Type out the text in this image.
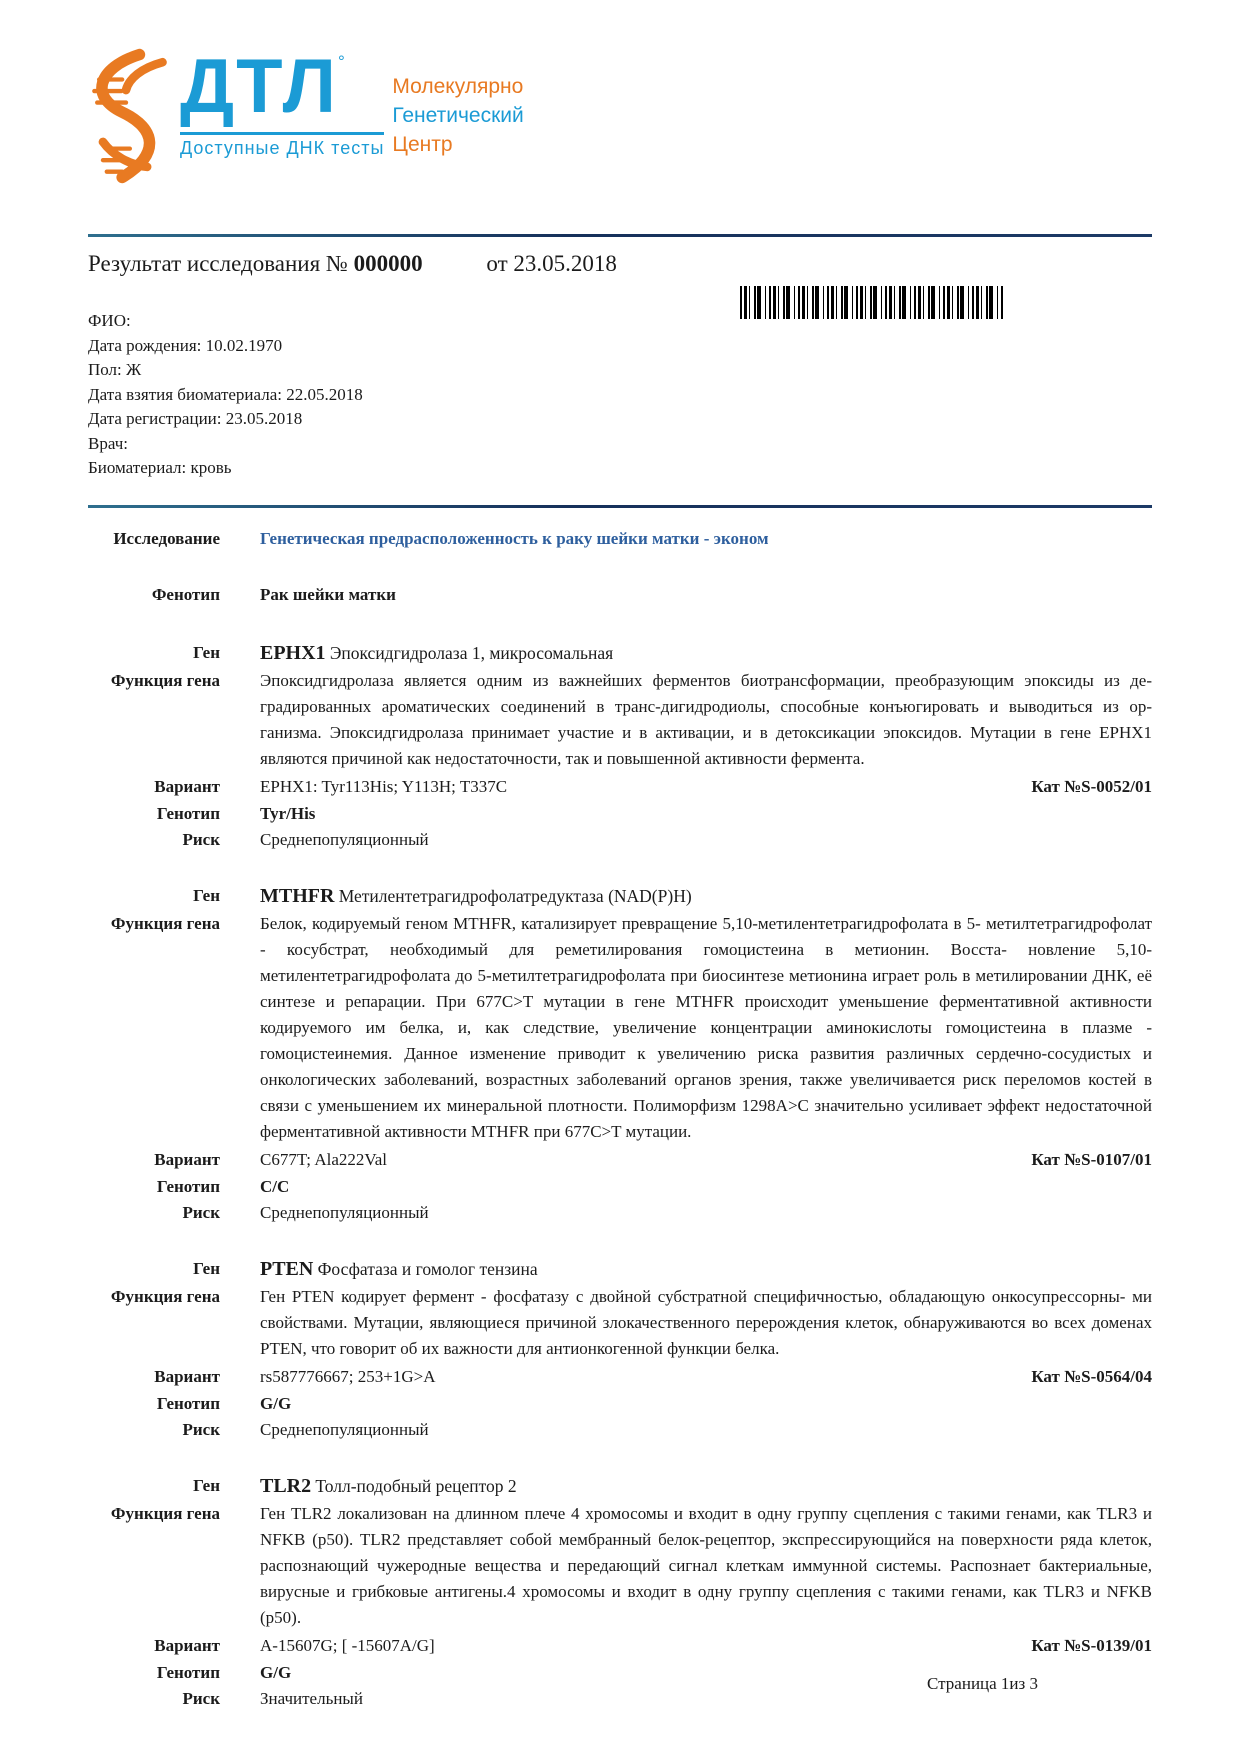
ДТЛ °
Доступные ДНК тесты
Молекулярно
Генетический
Центр
Результат исследования № 000000	от 23.05.2018
ФИО:
Дата рождения: 10.02.1970
Пол: Ж
Дата взятия биоматериала: 22.05.2018
Дата регистрации: 23.05.2018
Врач:
Биоматериал: кровь
Исследование Генетическая предрасположенность к раку шейки матки - эконом
Фенотип Рак шейки матки
Ген EPHX1 Эпоксидгидролаза 1, микросомальная
Функция гена Эпоксидгидролаза является одним из важнейших ферментов биотрансформации, преобразующим эпоксиды из де- градированных ароматических соединений в транс-дигидродиолы, способные конъюгировать и выводиться из ор- ганизма. Эпоксидгидролаза принимает участие и в активации, и в детоксикации эпоксидов. Мутации в гене EPHX1 являются причиной как недостаточности, так и повышенной активности фермента.
Вариант EPHX1: Tyr113His; Y113H; T337C	Кат №S-0052/01
Генотип Tyr/His
Риск Среднепопуляционный
Ген MTHFR Метилентетрагидрофолатредуктаза (NAD(P)H)
Функция гена Белок, кодируемый геном MTHFR, катализирует превращение 5,10-метилентетрагидрофолата в 5- метилтетрагидрофолат - косубстрат, необходимый для реметилирования гомоцистеина в метионин. Восста- новление 5,10-метилентетрагидрофолата до 5-метилтетрагидрофолата при биосинтезе метионина играет роль в метилировании ДНК, её синтезе и репарации. При 677C>T мутации в гене MTHFR происходит уменьшение ферментативной активности кодируемого им белка, и, как следствие, увеличение концентрации аминокислоты гомоцистеина в плазме - гомоцистеинемия. Данное изменение приводит к увеличению риска развития различных сердечно-сосудистых и онкологических заболеваний, возрастных заболеваний органов зрения, также увеличивается риск переломов костей в связи с уменьшением их минеральной плотности. Полиморфизм 1298A>C значительно усиливает эффект недостаточной ферментативной активности MTHFR при 677C>T мутации.
Вариант C677T; Ala222Val	Кат №S-0107/01
Генотип C/C
Риск Среднепопуляционный
Ген PTEN Фосфатаза и гомолог тензина
Функция гена Ген PTEN кодирует фермент - фосфатазу с двойной субстратной специфичностью, обладающую онкосупрессорны- ми свойствами. Мутации, являющиеся причиной злокачественного перерождения клеток, обнаруживаются во всех доменах PTEN, что говорит об их важности для антионкогенной функции белка.
Вариант rs587776667; 253+1G>A	Кат №S-0564/04
Генотип G/G
Риск Среднепопуляционный
Ген TLR2 Толл-подобный рецептор 2
Функция гена Ген TLR2 локализован на длинном плече 4 хромосомы и входит в одну группу сцепления с такими генами, как TLR3 и NFKB (p50). TLR2 представляет собой мембранный белок-рецептор, экспрессирующийся на поверхности ряда клеток, распознающий чужеродные вещества и передающий сигнал клеткам иммунной системы. Распознает бактериальные, вирусные и грибковые антигены.4 хромосомы и входит в одну группу сцепления с такими генами, как TLR3 и NFKB (p50).
Вариант A-15607G; [ -15607A/G]	Кат №S-0139/01
Генотип G/G
Риск Значительный
Страница 1из 3
